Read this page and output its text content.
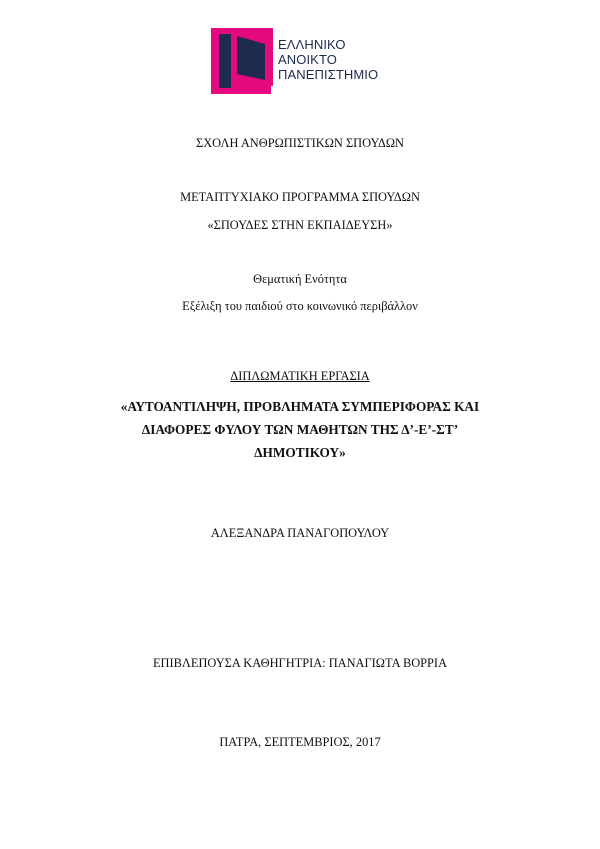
ΕΛΛΗΝΙΚΟ
ΑΝΟΙΚΤΟ
ΠΑΝΕΠΙΣΤΗΜΙΟ
ΣΧΟΛΗ ΑΝΘΡΩΠΙΣΤΙΚΩΝ ΣΠΟΥΔΩΝ
ΜΕΤΑΠΤΥΧΙΑΚΟ ΠΡΟΓΡΑΜΜΑ ΣΠΟΥΔΩΝ
«ΣΠΟΥΔΕΣ ΣΤΗΝ ΕΚΠΑΙΔΕΥΣΗ»
Θεματική Ενότητα
Εξέλιξη του παιδιού στο κοινωνικό περιβάλλον
ΔΙΠΛΩΜΑΤΙΚΗ ΕΡΓΑΣΙΑ
«ΑΥΤΟΑΝΤΙΛΗΨΗ, ΠΡΟΒΛΗΜΑΤΑ ΣΥΜΠΕΡΙΦΟΡΑΣ ΚΑΙ
ΔΙΑΦΟΡΕΣ ΦΥΛΟΥ ΤΩΝ ΜΑΘΗΤΩΝ ΤΗΣ Δ’-Ε’-ΣΤ’
ΔΗΜΟΤΙΚΟΥ»
ΑΛΕΞΑΝΔΡΑ ΠΑΝΑΓΟΠΟΥΛΟΥ
ΕΠΙΒΛΕΠΟΥΣΑ ΚΑΘΗΓΗΤΡΙΑ: ΠΑΝΑΓΙΩΤΑ ΒΟΡΡΙΑ
ΠΑΤΡΑ, ΣΕΠΤΕΜΒΡΙΟΣ, 2017
